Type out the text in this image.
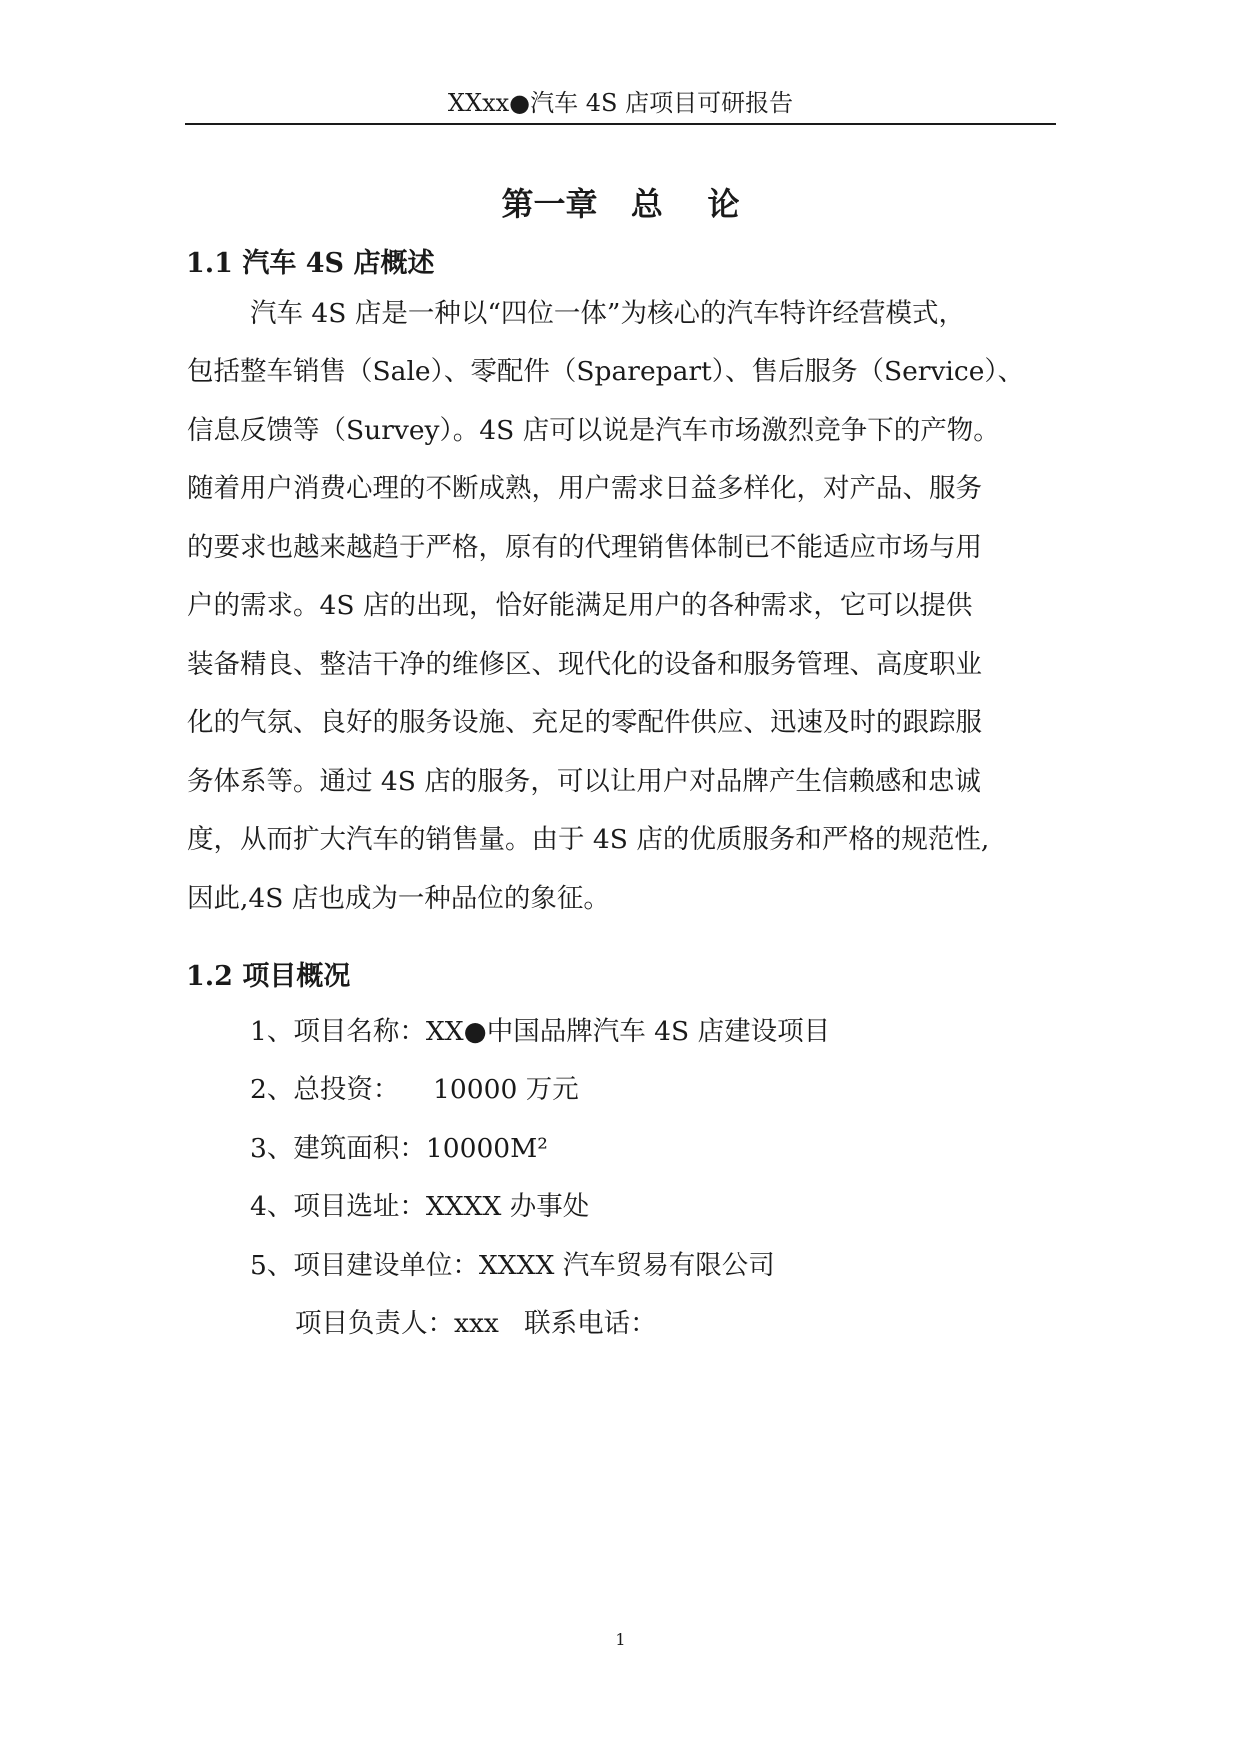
XXxx●汽车 4S 店项目可研报告
第一章   总    论
1.1 汽车 4S 店概述
汽车 4S 店是一种以“四位一体”为核心的汽车特许经营模式，
包括整车销售（Sale）、零配件（Sparepart）、售后服务（Service）、
信息反馈等（Survey）。4S 店可以说是汽车市场激烈竞争下的产物。
随着用户消费心理的不断成熟，用户需求日益多样化，对产品、服务
的要求也越来越趋于严格，原有的代理销售体制已不能适应市场与用
户的需求。4S 店的出现，恰好能满足用户的各种需求，它可以提供
装备精良、整洁干净的维修区、现代化的设备和服务管理、高度职业
化的气氛、良好的服务设施、充足的零配件供应、迅速及时的跟踪服
务体系等。通过 4S 店的服务，可以让用户对品牌产生信赖感和忠诚
度，从而扩大汽车的销售量。由于 4S 店的优质服务和严格的规范性,
因此,4S 店也成为一种品位的象征。
1.2 项目概况
1、项目名称：XX●中国品牌汽车 4S 店建设项目
2、总投资：    10000 万元
3、建筑面积：10000M²
4、项目选址：XXXX 办事处
5、项目建设单位：XXXX 汽车贸易有限公司
项目负责人：xxx   联系电话：
1
